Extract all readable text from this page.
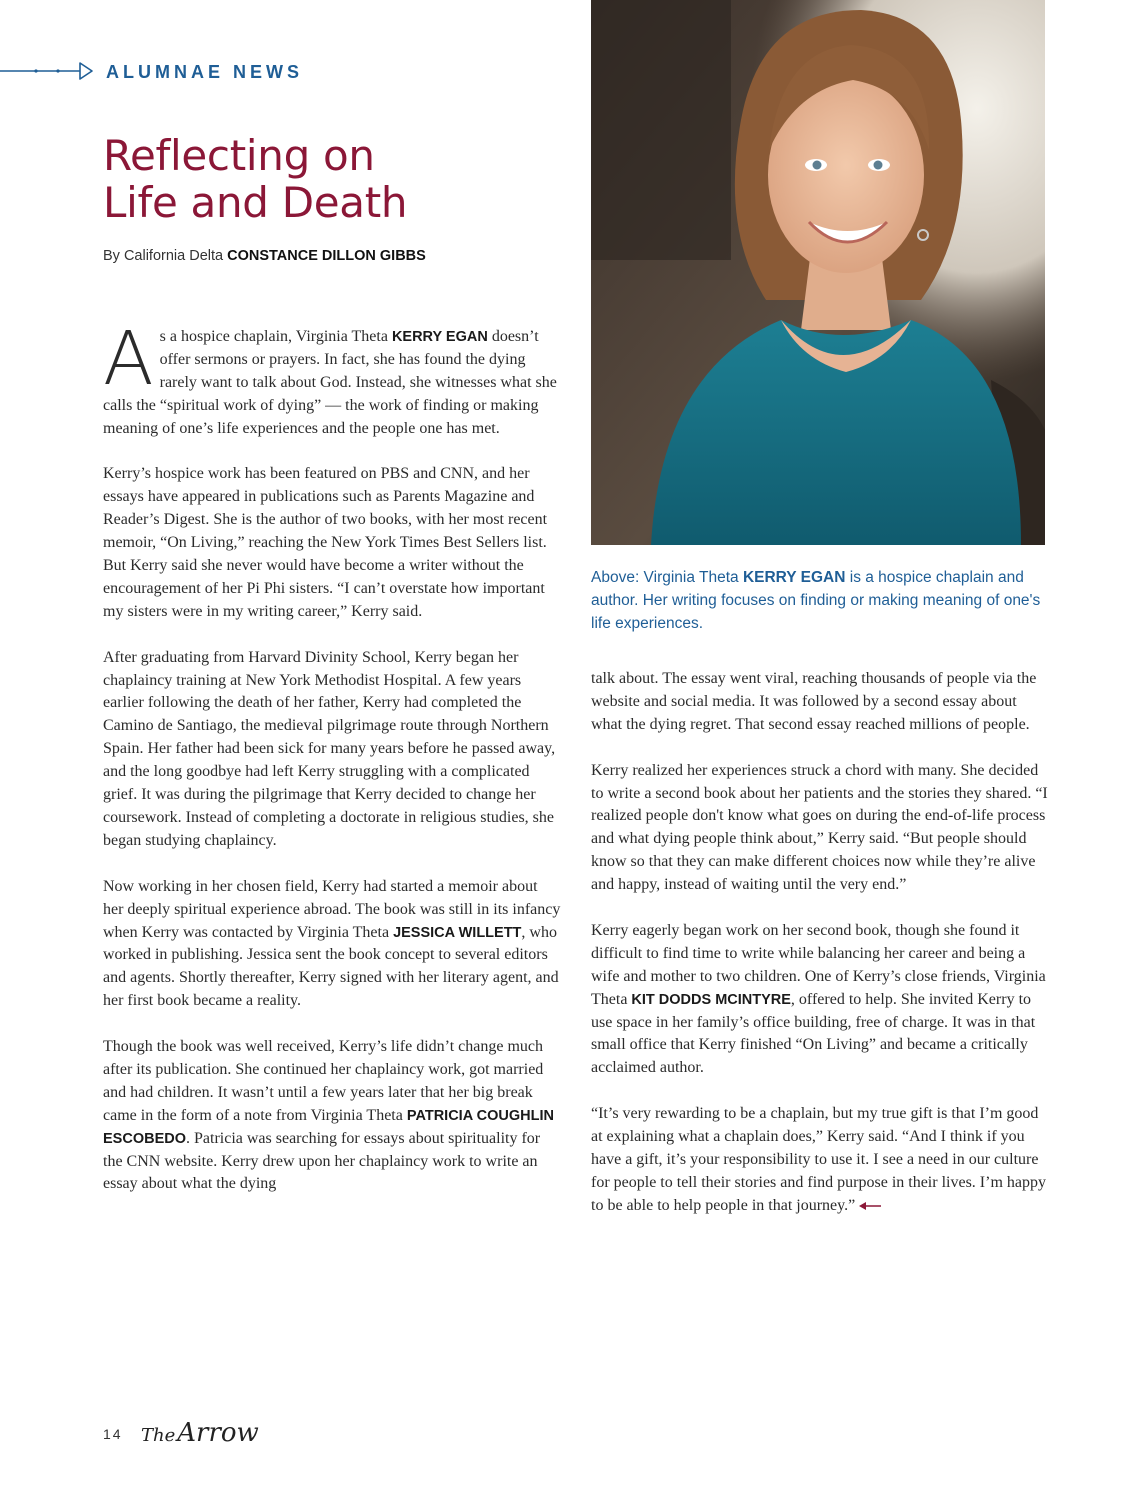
ALUMNAE NEWS
Reflecting on
Life and Death
By California Delta CONSTANCE DILLON GIBBS

As a hospice chaplain, Virginia Theta KERRY EGAN doesn’t offer sermons or prayers. In fact, she has found the dying rarely want to talk about God. Instead, she witnesses what she calls the “spiritual work of dying” — the work of finding or making meaning of one’s life experiences and the people one has met.

Kerry’s hospice work has been featured on PBS and CNN, and her essays have appeared in publications such as Parents Magazine and Reader’s Digest. She is the author of two books, with her most recent memoir, “On Living,” reaching the New York Times Best Sellers list. But Kerry said she never would have become a writer without the encouragement of her Pi Phi sisters. “I can’t overstate how important my sisters were in my writing career,” Kerry said.

After graduating from Harvard Divinity School, Kerry began her chaplaincy training at New York Methodist Hospital. A few years earlier following the death of her father, Kerry had completed the Camino de Santiago, the medieval pilgrimage route through Northern Spain. Her father had been sick for many years before he passed away, and the long goodbye had left Kerry struggling with a complicated grief. It was during the pilgrimage that Kerry decided to change her coursework. Instead of completing a doctorate in religious studies, she began studying chaplaincy.

Now working in her chosen field, Kerry had started a memoir about her deeply spiritual experience abroad. The book was still in its infancy when Kerry was contacted by Virginia Theta JESSICA WILLETT, who worked in publishing. Jessica sent the book concept to several editors and agents. Shortly thereafter, Kerry signed with her literary agent, and her first book became a reality.

Though the book was well received, Kerry’s life didn’t change much after its publication. She continued her chaplaincy work, got married and had children. It wasn’t until a few years later that her big break came in the form of a note from Virginia Theta PATRICIA COUGHLIN ESCOBEDO. Patricia was searching for essays about spirituality for the CNN website. Kerry drew upon her chaplaincy work to write an essay about what the dying

Above: Virginia Theta KERRY EGAN is a hospice chaplain and author. Her writing focuses on finding or making meaning of one's life experiences.

talk about. The essay went viral, reaching thousands of people via the website and social media. It was followed by a second essay about what the dying regret. That second essay reached millions of people.

Kerry realized her experiences struck a chord with many. She decided to write a second book about her patients and the stories they shared. “I realized people don't know what goes on during the end-of-life process and what dying people think about,” Kerry said. “But people should know so that they can make different choices now while they’re alive and happy, instead of waiting until the very end.”

Kerry eagerly began work on her second book, though she found it difficult to find time to write while balancing her career and being a wife and mother to two children. One of Kerry’s close friends, Virginia Theta KIT DODDS MCINTYRE, offered to help. She invited Kerry to use space in her family’s office building, free of charge. It was in that small office that Kerry finished “On Living” and became a critically acclaimed author.

“It’s very rewarding to be a chaplain, but my true gift is that I’m good at explaining what a chaplain does,” Kerry said. “And I think if you have a gift, it’s your responsibility to use it. I see a need in our culture for people to tell their stories and find purpose in their lives. I’m happy to be able to help people in that journey.”

14 TheArrow
